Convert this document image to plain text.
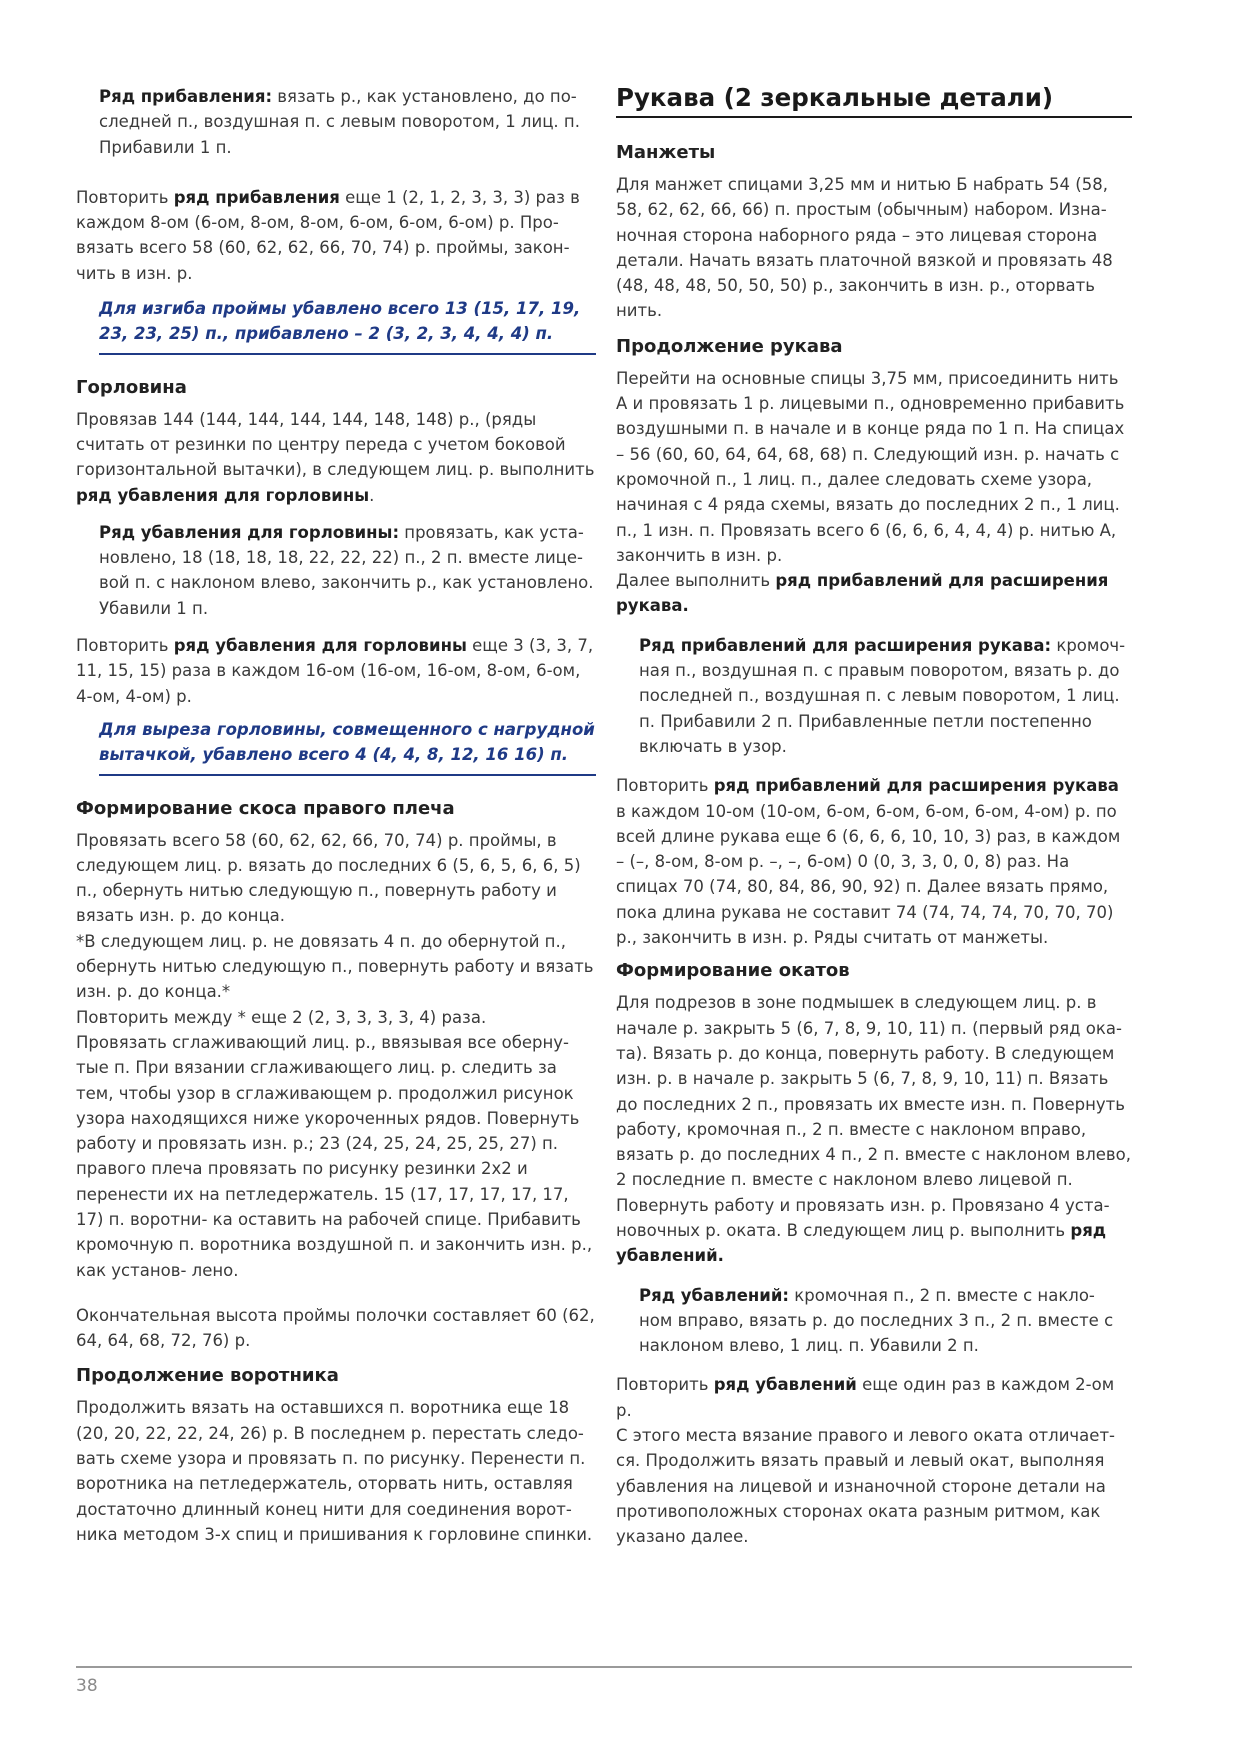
Ряд прибавления: вязать р., как установлено, до по- следней п., воздушная п. с левым поворотом, 1 лиц. п. Прибавили 1 п.

Повторить ряд прибавления еще 1 (2, 1, 2, 3, 3, 3) раз в каждом 8-ом (6-ом, 8-ом, 8-ом, 6-ом, 6-ом, 6-ом) р. Про- вязать всего 58 (60, 62, 62, 66, 70, 74) р. проймы, закон- чить в изн. р.

Для изгиба проймы убавлено всего 13 (15, 17, 19, 23, 23, 25) п., прибавлено – 2 (3, 2, 3, 4, 4, 4) п.

Горловина

Провязав 144 (144, 144, 144, 144, 148, 148) р., (ряды считать от резинки по центру переда с учетом боковой горизонтальной вытачки), в следующем лиц. р. выполнить ряд убавления для горловины.

Ряд убавления для горловины: провязать, как уста- новлено, 18 (18, 18, 18, 22, 22, 22) п., 2 п. вместе лице- вой п. с наклоном влево, закончить р., как установлено. Убавили 1 п.

Повторить ряд убавления для горловины еще 3 (3, 3, 7, 11, 15, 15) раза в каждом 16-ом (16-ом, 16-ом, 8-ом, 6-ом, 4-ом, 4-ом) р.

Для выреза горловины, совмещенного с нагрудной вытачкой, убавлено всего 4 (4, 4, 8, 12, 16 16) п.

Формирование скоса правого плеча

Провязать всего 58 (60, 62, 62, 66, 70, 74) р. проймы, в следующем лиц. р. вязать до последних 6 (5, 6, 5, 6, 6, 5) п., обернуть нитью следующую п., повернуть работу и вязать изн. р. до конца.

*В следующем лиц. р. не довязать 4 п. до обернутой п., обернуть нитью следующую п., повернуть работу и вязать изн. р. до конца.*

Повторить между * еще 2 (2, 3, 3, 3, 3, 4) раза.

Провязать сглаживающий лиц. р., ввязывая все оберну- тые п. При вязании сглаживающего лиц. р. следить за тем, чтобы узор в сглаживающем р. продолжил рисунок узора находящихся ниже укороченных рядов. Повернуть работу и провязать изн. р.; 23 (24, 25, 24, 25, 25, 27) п. правого плеча провязать по рисунку резинки 2х2 и перенести их на петледержатель. 15 (17, 17, 17, 17, 17, 17) п. воротни- ка оставить на рабочей спице. Прибавить кромочную п. воротника воздушной п. и закончить изн. р., как установ- лено.

Окончательная высота проймы полочки составляет 60 (62, 64, 64, 68, 72, 76) р.

Продолжение воротника

Продолжить вязать на оставшихся п. воротника еще 18 (20, 20, 22, 22, 24, 26) р. В последнем р. перестать следо- вать схеме узора и провязать п. по рисунку. Перенести п. воротника на петледержатель, оторвать нить, оставляя достаточно длинный конец нити для соединения ворот- ника методом 3-х спиц и пришивания к горловине спинки.

Рукава (2 зеркальные детали)
Манжеты

Для манжет спицами 3,25 мм и нитью Б набрать 54 (58, 58, 62, 62, 66, 66) п. простым (обычным) набором. Изна- ночная сторона наборного ряда – это лицевая сторона детали. Начать вязать платочной вязкой и провязать 48 (48, 48, 48, 50, 50, 50) р., закончить в изн. р., оторвать нить.

Продолжение рукава

Перейти на основные спицы 3,75 мм, присоединить нить А и провязать 1 р. лицевыми п., одновременно прибавить воздушными п. в начале и в конце ряда по 1 п. На спицах – 56 (60, 60, 64, 64, 68, 68) п. Следующий изн. р. начать с кромочной п., 1 лиц. п., далее следовать схеме узора, начиная с 4 ряда схемы, вязать до последних 2 п., 1 лиц. п., 1 изн. п. Провязать всего 6 (6, 6, 6, 4, 4, 4) р. нитью А, закончить в изн. р.

Далее выполнить ряд прибавлений для расширения рукава.

Ряд прибавлений для расширения рукава: кромоч- ная п., воздушная п. с правым поворотом, вязать р. до последней п., воздушная п. с левым поворотом, 1 лиц. п. Прибавили 2 п. Прибавленные петли постепенно включать в узор.

Повторить ряд прибавлений для расширения рукава в каждом 10-ом (10-ом, 6-ом, 6-ом, 6-ом, 6-ом, 4-ом) р. по всей длине рукава еще 6 (6, 6, 6, 10, 10, 3) раз, в каждом – (–, 8-ом, 8-ом р. –, –, 6-ом) 0 (0, 3, 3, 0, 0, 8) раз. На спицах 70 (74, 80, 84, 86, 90, 92) п. Далее вязать прямо, пока длина рукава не составит 74 (74, 74, 74, 70, 70, 70) р., закончить в изн. р. Ряды считать от манжеты.

Формирование окатов

Для подрезов в зоне подмышек в следующем лиц. р. в начале р. закрыть 5 (6, 7, 8, 9, 10, 11) п. (первый ряд ока- та). Вязать р. до конца, повернуть работу. В следующем изн. р. в начале р. закрыть 5 (6, 7, 8, 9, 10, 11) п. Вязать до последних 2 п., провязать их вместе изн. п. Повернуть работу, кромочная п., 2 п. вместе с наклоном вправо, вязать р. до последних 4 п., 2 п. вместе с наклоном влево, 2 последние п. вместе с наклоном влево лицевой п. Повернуть работу и провязать изн. р. Провязано 4 уста- новочных р. оката. В следующем лиц р. выполнить ряд убавлений.

Ряд убавлений: кромочная п., 2 п. вместе с накло- ном вправо, вязать р. до последних 3 п., 2 п. вместе с наклоном влево, 1 лиц. п. Убавили 2 п.

Повторить ряд убавлений еще один раз в каждом 2-ом р.

С этого места вязание правого и левого оката отличает- ся. Продолжить вязать правый и левый окат, выполняя убавления на лицевой и изнаночной стороне детали на противоположных сторонах оката разным ритмом, как указано далее.

38
